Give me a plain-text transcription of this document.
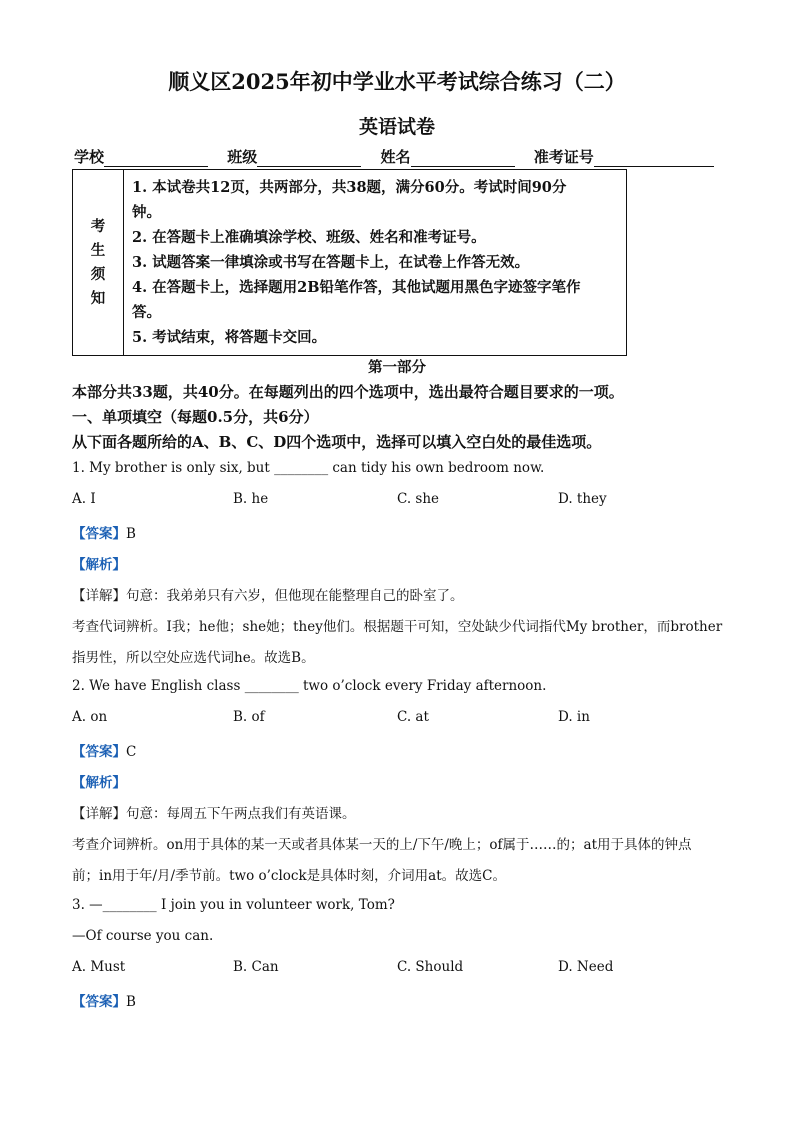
顺义区2025年初中学业水平考试综合练习（二）
英语试卷
学校	班级	姓名	准考证号
考
生
须
知

1. 本试卷共12页，共两部分，共38题，满分60分。考试时间90分
钟。
2. 在答题卡上准确填涂学校、班级、姓名和准考证号。
3. 试题答案一律填涂或书写在答题卡上，在试卷上作答无效。
4. 在答题卡上，选择题用2B铅笔作答，其他试题用黑色字迹签字笔作
答。
5. 考试结束，将答题卡交回。
第一部分
本部分共33题，共40分。在每题列出的四个选项中，选出最符合题目要求的一项。
一、单项填空（每题0.5分，共6分）
从下面各题所给的A、B、C、D四个选项中，选择可以填入空白处的最佳选项。
1. My brother is only six, but ________ can tidy his own bedroom now.
A. I	B. he	C. she	D. they
【答案】B
【解析】
【详解】句意：我弟弟只有六岁，但他现在能整理自己的卧室了。
考查代词辨析。I我；he他；she她；they他们。根据题干可知，空处缺少代词指代My brother，而brother
指男性，所以空处应选代词he。故选B。
2. We have English class ________ two o’clock every Friday afternoon.
A. on	B. of	C. at	D. in
【答案】C
【解析】
【详解】句意：每周五下午两点我们有英语课。
考查介词辨析。on用于具体的某一天或者具体某一天的上/下午/晚上；of属于……的；at用于具体的钟点
前；in用于年/月/季节前。two o’clock是具体时刻，介词用at。故选C。
3. —________ I join you in volunteer work, Tom?
—Of course you can.
A. Must	B. Can	C. Should	D. Need
【答案】B
